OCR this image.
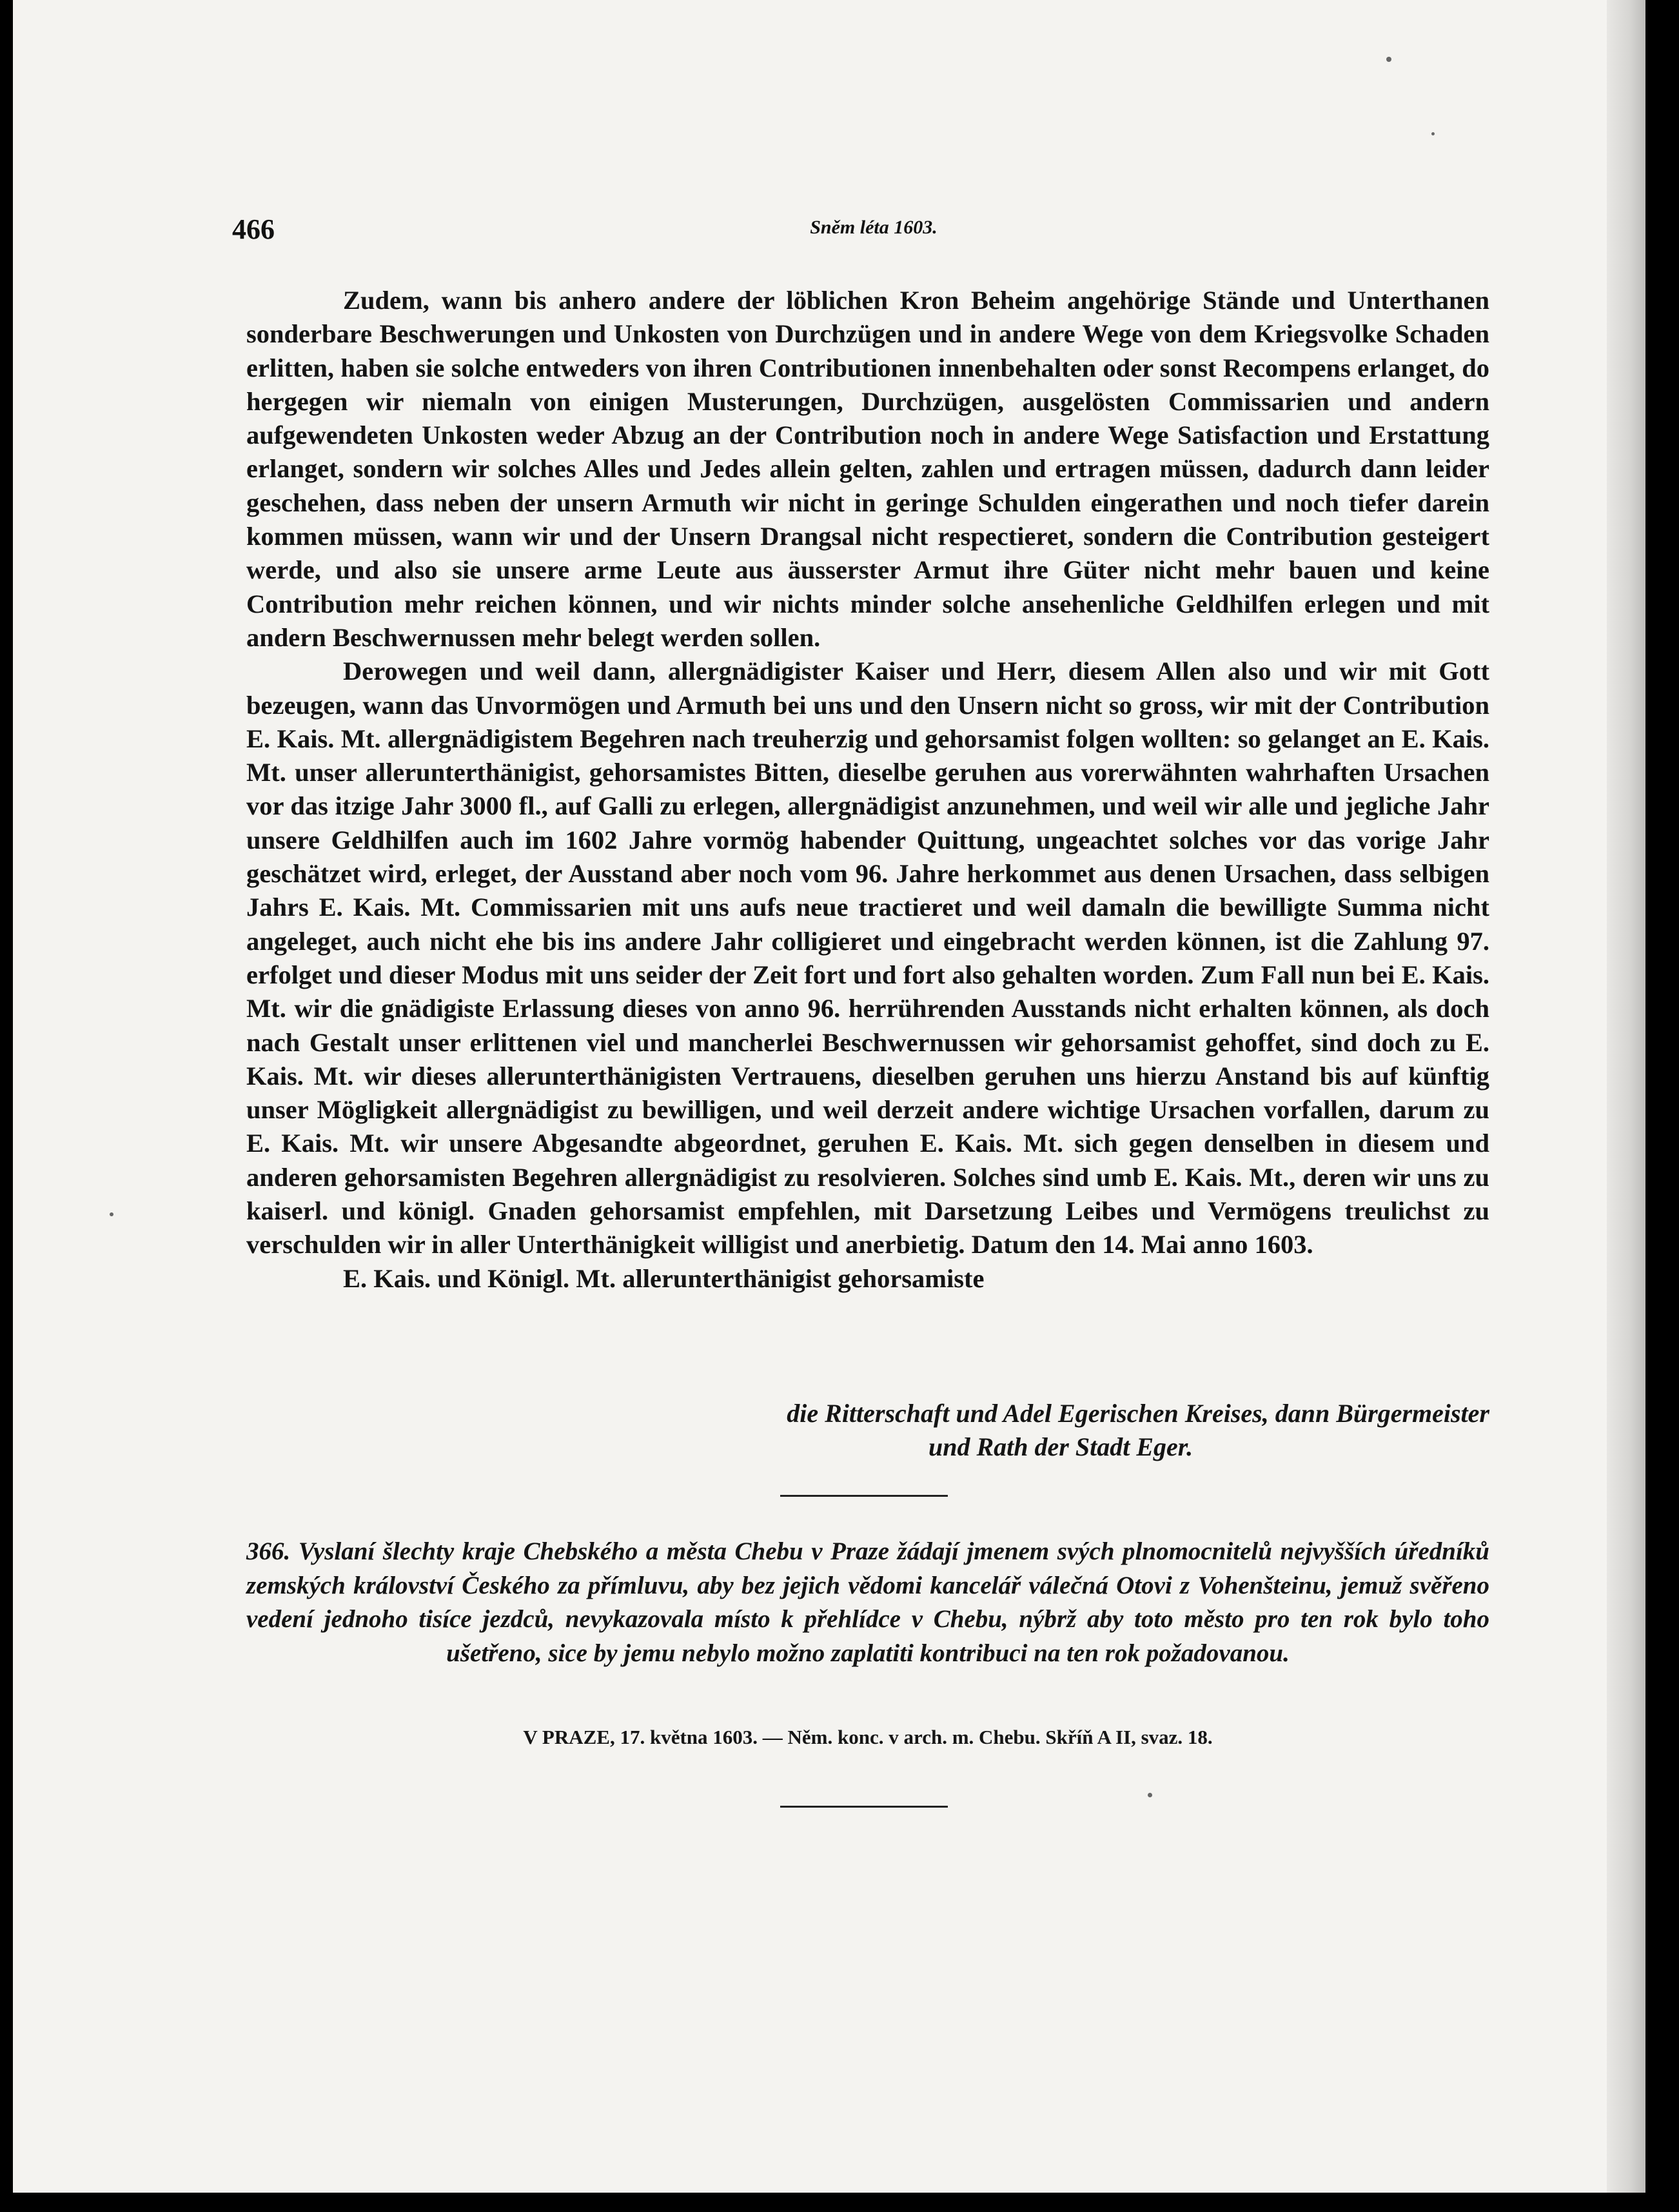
466	Sněm léta 1603.

Zudem, wann bis anhero andere der löblichen Kron Beheim angehörige Stände und Unterthanen sonderbare Beschwerungen und Unkosten von Durchzügen und in andere Wege von dem Kriegsvolke Schaden erlitten, haben sie solche entweders von ihren Contributionen innenbehalten oder sonst Recompens erlanget, do hergegen wir niemaln von einigen Musterungen, Durchzügen, ausgelösten Commissarien und andern aufgewendeten Unkosten weder Abzug an der Contribution noch in andere Wege Satisfaction und Erstattung erlanget, sondern wir solches Alles und Jedes allein gelten, zahlen und ertragen müssen, dadurch dann leider geschehen, dass neben der unsern Armuth wir nicht in geringe Schulden eingerathen und noch tiefer darein kommen müssen, wann wir und der Unsern Drangsal nicht respectieret, sondern die Contribution gesteigert werde, und also sie unsere arme Leute aus äusserster Armut ihre Güter nicht mehr bauen und keine Contribution mehr reichen können, und wir nichts minder solche ansehenliche Geldhilfen erlegen und mit andern Beschwernussen mehr belegt werden sollen.

Derowegen und weil dann, allergnädigister Kaiser und Herr, diesem Allen also und wir mit Gott bezeugen, wann das Unvormögen und Armuth bei uns und den Unsern nicht so gross, wir mit der Contribution E. Kais. Mt. allergnädigistem Begehren nach treuherzig und gehorsamist folgen wollten: so gelanget an E. Kais. Mt. unser allerunterthänigist, gehorsamistes Bitten, dieselbe geruhen aus vorerwähnten wahrhaften Ursachen vor das itzige Jahr 3000 fl., auf Galli zu erlegen, allergnädigist anzunehmen, und weil wir alle und jegliche Jahr unsere Geldhilfen auch im 1602 Jahre vormög habender Quittung, ungeachtet solches vor das vorige Jahr geschätzet wird, erleget, der Ausstand aber noch vom 96. Jahre herkommet aus denen Ursachen, dass selbigen Jahrs E. Kais. Mt. Commissarien mit uns aufs neue tractieret und weil damaln die bewilligte Summa nicht angeleget, auch nicht ehe bis ins andere Jahr colligieret und eingebracht werden können, ist die Zahlung 97. erfolget und dieser Modus mit uns seider der Zeit fort und fort also gehalten worden. Zum Fall nun bei E. Kais. Mt. wir die gnädigiste Erlassung dieses von anno 96. herrührenden Ausstands nicht erhalten können, als doch nach Gestalt unser erlittenen viel und mancherlei Beschwernussen wir gehorsamist gehoffet, sind doch zu E. Kais. Mt. wir dieses allerunterthänigisten Vertrauens, dieselben geruhen uns hierzu Anstand bis auf künftig unser Mögligkeit allergnädigist zu bewilligen, und weil derzeit andere wichtige Ursachen vorfallen, darum zu E. Kais. Mt. wir unsere Abgesandte abgeordnet, geruhen E. Kais. Mt. sich gegen denselben in diesem und anderen gehorsamisten Begehren allergnädigist zu resolvieren. Solches sind umb E. Kais. Mt., deren wir uns zu kaiserl. und königl. Gnaden gehorsamist empfehlen, mit Darsetzung Leibes und Vermögens treulichst zu verschulden wir in aller Unterthänigkeit willigist und anerbietig. Datum den 14. Mai anno 1603.

E. Kais. und Königl. Mt. allerunterthänigist gehorsamiste

die Ritterschaft und Adel Egerischen Kreises, dann Bürgermeister
und Rath der Stadt Eger.
366. Vyslaní šlechty kraje Chebského a města Chebu v Praze žádají jmenem svých plnomocnitelů nejvyšších úředníků zemských království Českého za přímluvu, aby bez jejich vědomi kancelář válečná Otovi z Vohenšteinu, jemuž svěřeno vedení jednoho tisíce jezdců, nevykazovala místo k přehlídce v Chebu, nýbrž aby toto město pro ten rok bylo toho ušetřeno, sice by jemu nebylo možno zaplatiti kontribuci na ten rok požadovanou.
V PRAZE, 17. května 1603. — Něm. konc. v arch. m. Chebu. Skříň A II, svaz. 18.
